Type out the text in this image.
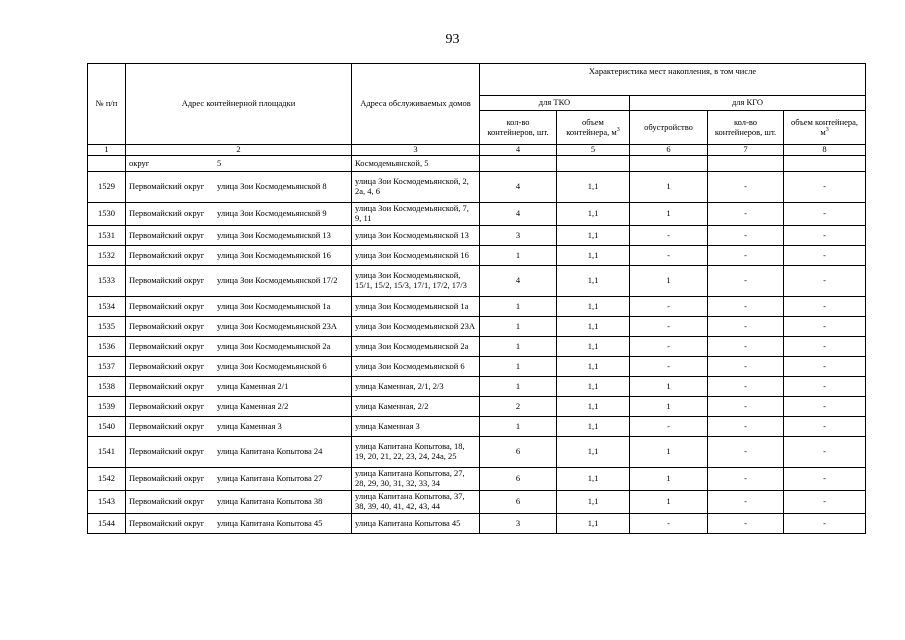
93
№ п/п	Адрес контейнерной площадки	Адреса обслуживаемых домов	Характеристика мест накопления, в том числе				
			для ТКО		для КГО		
			кол-во контейнеров, шт.	объем контейнера, $м^3$	обустройство	кол-во контейнеров, шт.	объем контейнера, $м^3$
1	2	3	4	5	6	7	8

	округ 5	Космодемьянской, 5					
1529	Первомайский округ улица Зои Космодемьянской 8	улица Зои Космодемьянской, 2, 2а, 4, 6	4	1,1	1	-	-
1530	Первомайский округ улица Зои Космодемьянской 9	улица Зои Космодемьянской, 7, 9, 11	4	1,1	1	-	-
1531	Первомайский округ улица Зои Космодемьянской 13	улица Зои Космодемьянской 13	3	1,1	-	-	-
1532	Первомайский округ улица Зои Космодемьянской 16	улица Зои Космодемьянской 16	1	1,1	-	-	-
1533	Первомайский округ улица Зои Космодемьянской 17/2	улица Зои Космодемьянской, 15/1, 15/2, 15/3, 17/1, 17/2, 17/3	4	1,1	1	-	-
1534	Первомайский округ улица Зои Космодемьянской 1а	улица Зои Космодемьянской 1а	1	1,1	-	-	-
1535	Первомайский округ улица Зои Космодемьянской 23А	улица Зои Космодемьянской 23А	1	1,1	-	-	-
1536	Первомайский округ улица Зои Космодемьянской 2а	улица Зои Космодемьянской 2а	1	1,1	-	-	-
1537	Первомайский округ улица Зои Космодемьянской 6	улица Зои Космодемьянской 6	1	1,1	-	-	-
1538	Первомайский округ улица Каменная 2/1	улица Каменная, 2/1, 2/3	1	1,1	1	-	-
1539	Первомайский округ улица Каменная 2/2	улица Каменная, 2/2	2	1,1	1	-	-
1540	Первомайский округ улица Каменная 3	улица Каменная 3	1	1,1	-	-	-
1541	Первомайский округ улица Капитана Копытова 24	улица Капитана Копытова, 18, 19, 20, 21, 22, 23, 24, 24а, 25	6	1,1	1	-	-
1542	Первомайский округ улица Капитана Копытова 27	улица Капитана Копытова, 27, 28, 29, 30, 31, 32, 33, 34	6	1,1	1	-	-
1543	Первомайский округ улица Капитана Копытова 38	улица Капитана Копытова, 37, 38, 39, 40, 41, 42, 43, 44	6	1,1	1	-	-
1544	Первомайский округ улица Капитана Копытова 45	улица Капитана Копытова 45	3	1,1	-	-	-
